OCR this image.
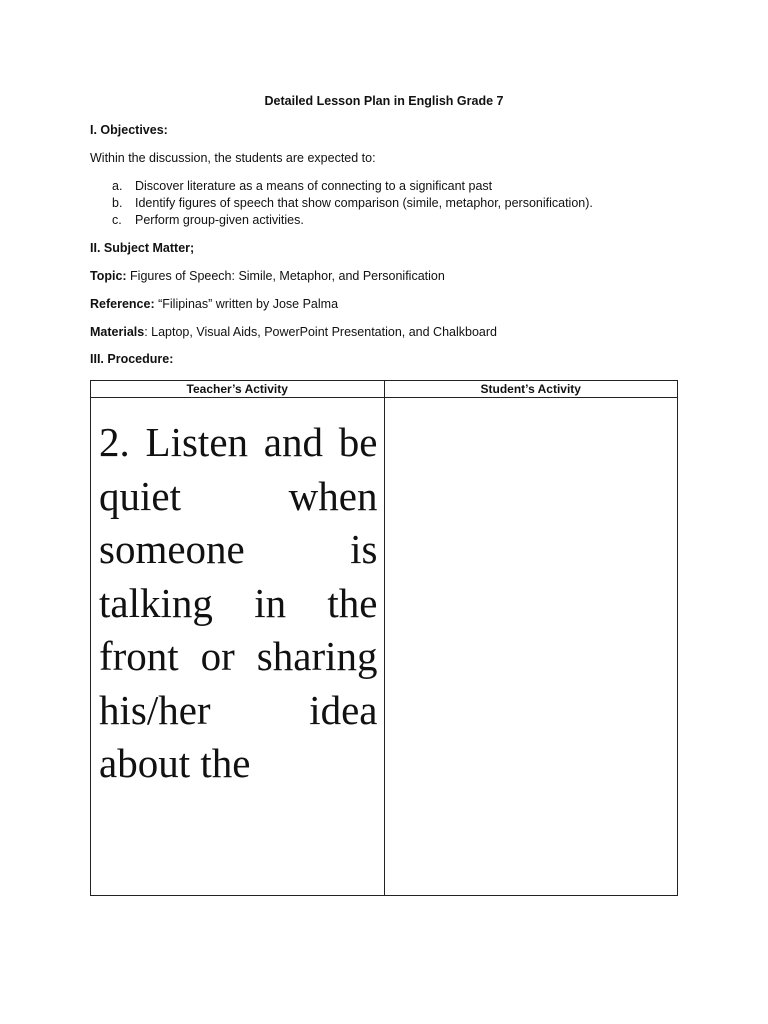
Detailed Lesson Plan in English Grade 7
I. Objectives:
Within the discussion, the students are expected to:
a. Discover literature as a means of connecting to a significant past
b. Identify figures of speech that show comparison (simile, metaphor, personification).
c. Perform group-given activities.
II. Subject Matter;
Topic: Figures of Speech: Simile, Metaphor, and Personification
Reference: “Filipinas” written by Jose Palma
Materials: Laptop, Visual Aids, PowerPoint Presentation, and Chalkboard
III. Procedure:
Teacher’s Activity	Student’s Activity

2. Listen and be quiet when someone is talking in the front or sharing his/her idea about the	
